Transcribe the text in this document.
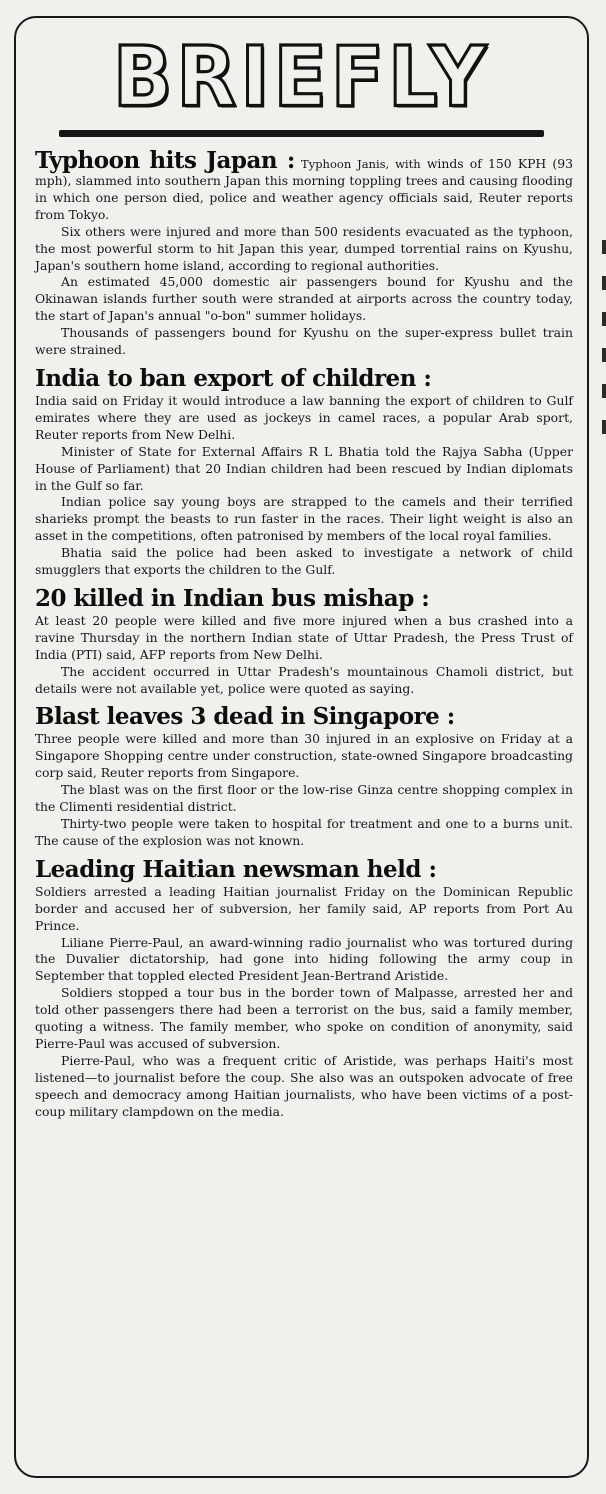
BRIEFLY

Typhoon hits Japan : Typhoon Janis, with winds of 150 KPH (93 mph), slammed into southern Japan this morning toppling trees and causing flooding in which one person died, police and weather agency officials said, Reuter reports from Tokyo.

Six others were injured and more than 500 residents evacuated as the typhoon, the most powerful storm to hit Japan this year, dumped torrential rains on Kyushu, Japan's southern home island, according to regional authorities.

An estimated 45,000 domestic air passengers bound for Kyushu and the Okinawan islands further south were stranded at airports across the country today, the start of Japan's annual "o-bon" summer holidays.

Thousands of passengers bound for Kyushu on the super-express bullet train were strained.

India to ban export of children :

India said on Friday it would introduce a law banning the export of children to Gulf emirates where they are used as jockeys in camel races, a popular Arab sport, Reuter reports from New Delhi.

Minister of State for External Affairs R L Bhatia told the Rajya Sabha (Upper House of Parliament) that 20 Indian children had been rescued by Indian diplomats in the Gulf so far.

Indian police say young boys are strapped to the camels and their terrified sharieks prompt the beasts to run faster in the races. Their light weight is also an asset in the competitions, often patronised by members of the local royal families.

Bhatia said the police had been asked to investigate a network of child smugglers that exports the children to the Gulf.

20 killed in Indian bus mishap :

At least 20 people were killed and five more injured when a bus crashed into a ravine Thursday in the northern Indian state of Uttar Pradesh, the Press Trust of India (PTI) said, AFP reports from New Delhi.

The accident occurred in Uttar Pradesh's mountainous Chamoli district, but details were not available yet, police were quoted as saying.

Blast leaves 3 dead in Singapore :

Three people were killed and more than 30 injured in an explosive on Friday at a Singapore Shopping centre under construction, state-owned Singapore broadcasting corp said, Reuter reports from Singapore.

The blast was on the first floor or the low-rise Ginza centre shopping complex in the Climenti residential district.

Thirty-two people were taken to hospital for treatment and one to a burns unit. The cause of the explosion was not known.

Leading Haitian newsman held :

Soldiers arrested a leading Haitian journalist Friday on the Dominican Republic border and accused her of subversion, her family said, AP reports from Port Au Prince.

Liliane Pierre-Paul, an award-winning radio journalist who was tortured during the Duvalier dictatorship, had gone into hiding following the army coup in September that toppled elected President Jean-Bertrand Aristide.

Soldiers stopped a tour bus in the border town of Malpasse, arrested her and told other passengers there had been a terrorist on the bus, said a family member, quoting a witness. The family member, who spoke on condition of anonymity, said Pierre-Paul was accused of subversion.

Pierre-Paul, who was a frequent critic of Aristide, was perhaps Haiti's most listened—to journalist before the coup. She also was an outspoken advocate of free speech and democracy among Haitian journalists, who have been victims of a post-coup military clampdown on the media.
